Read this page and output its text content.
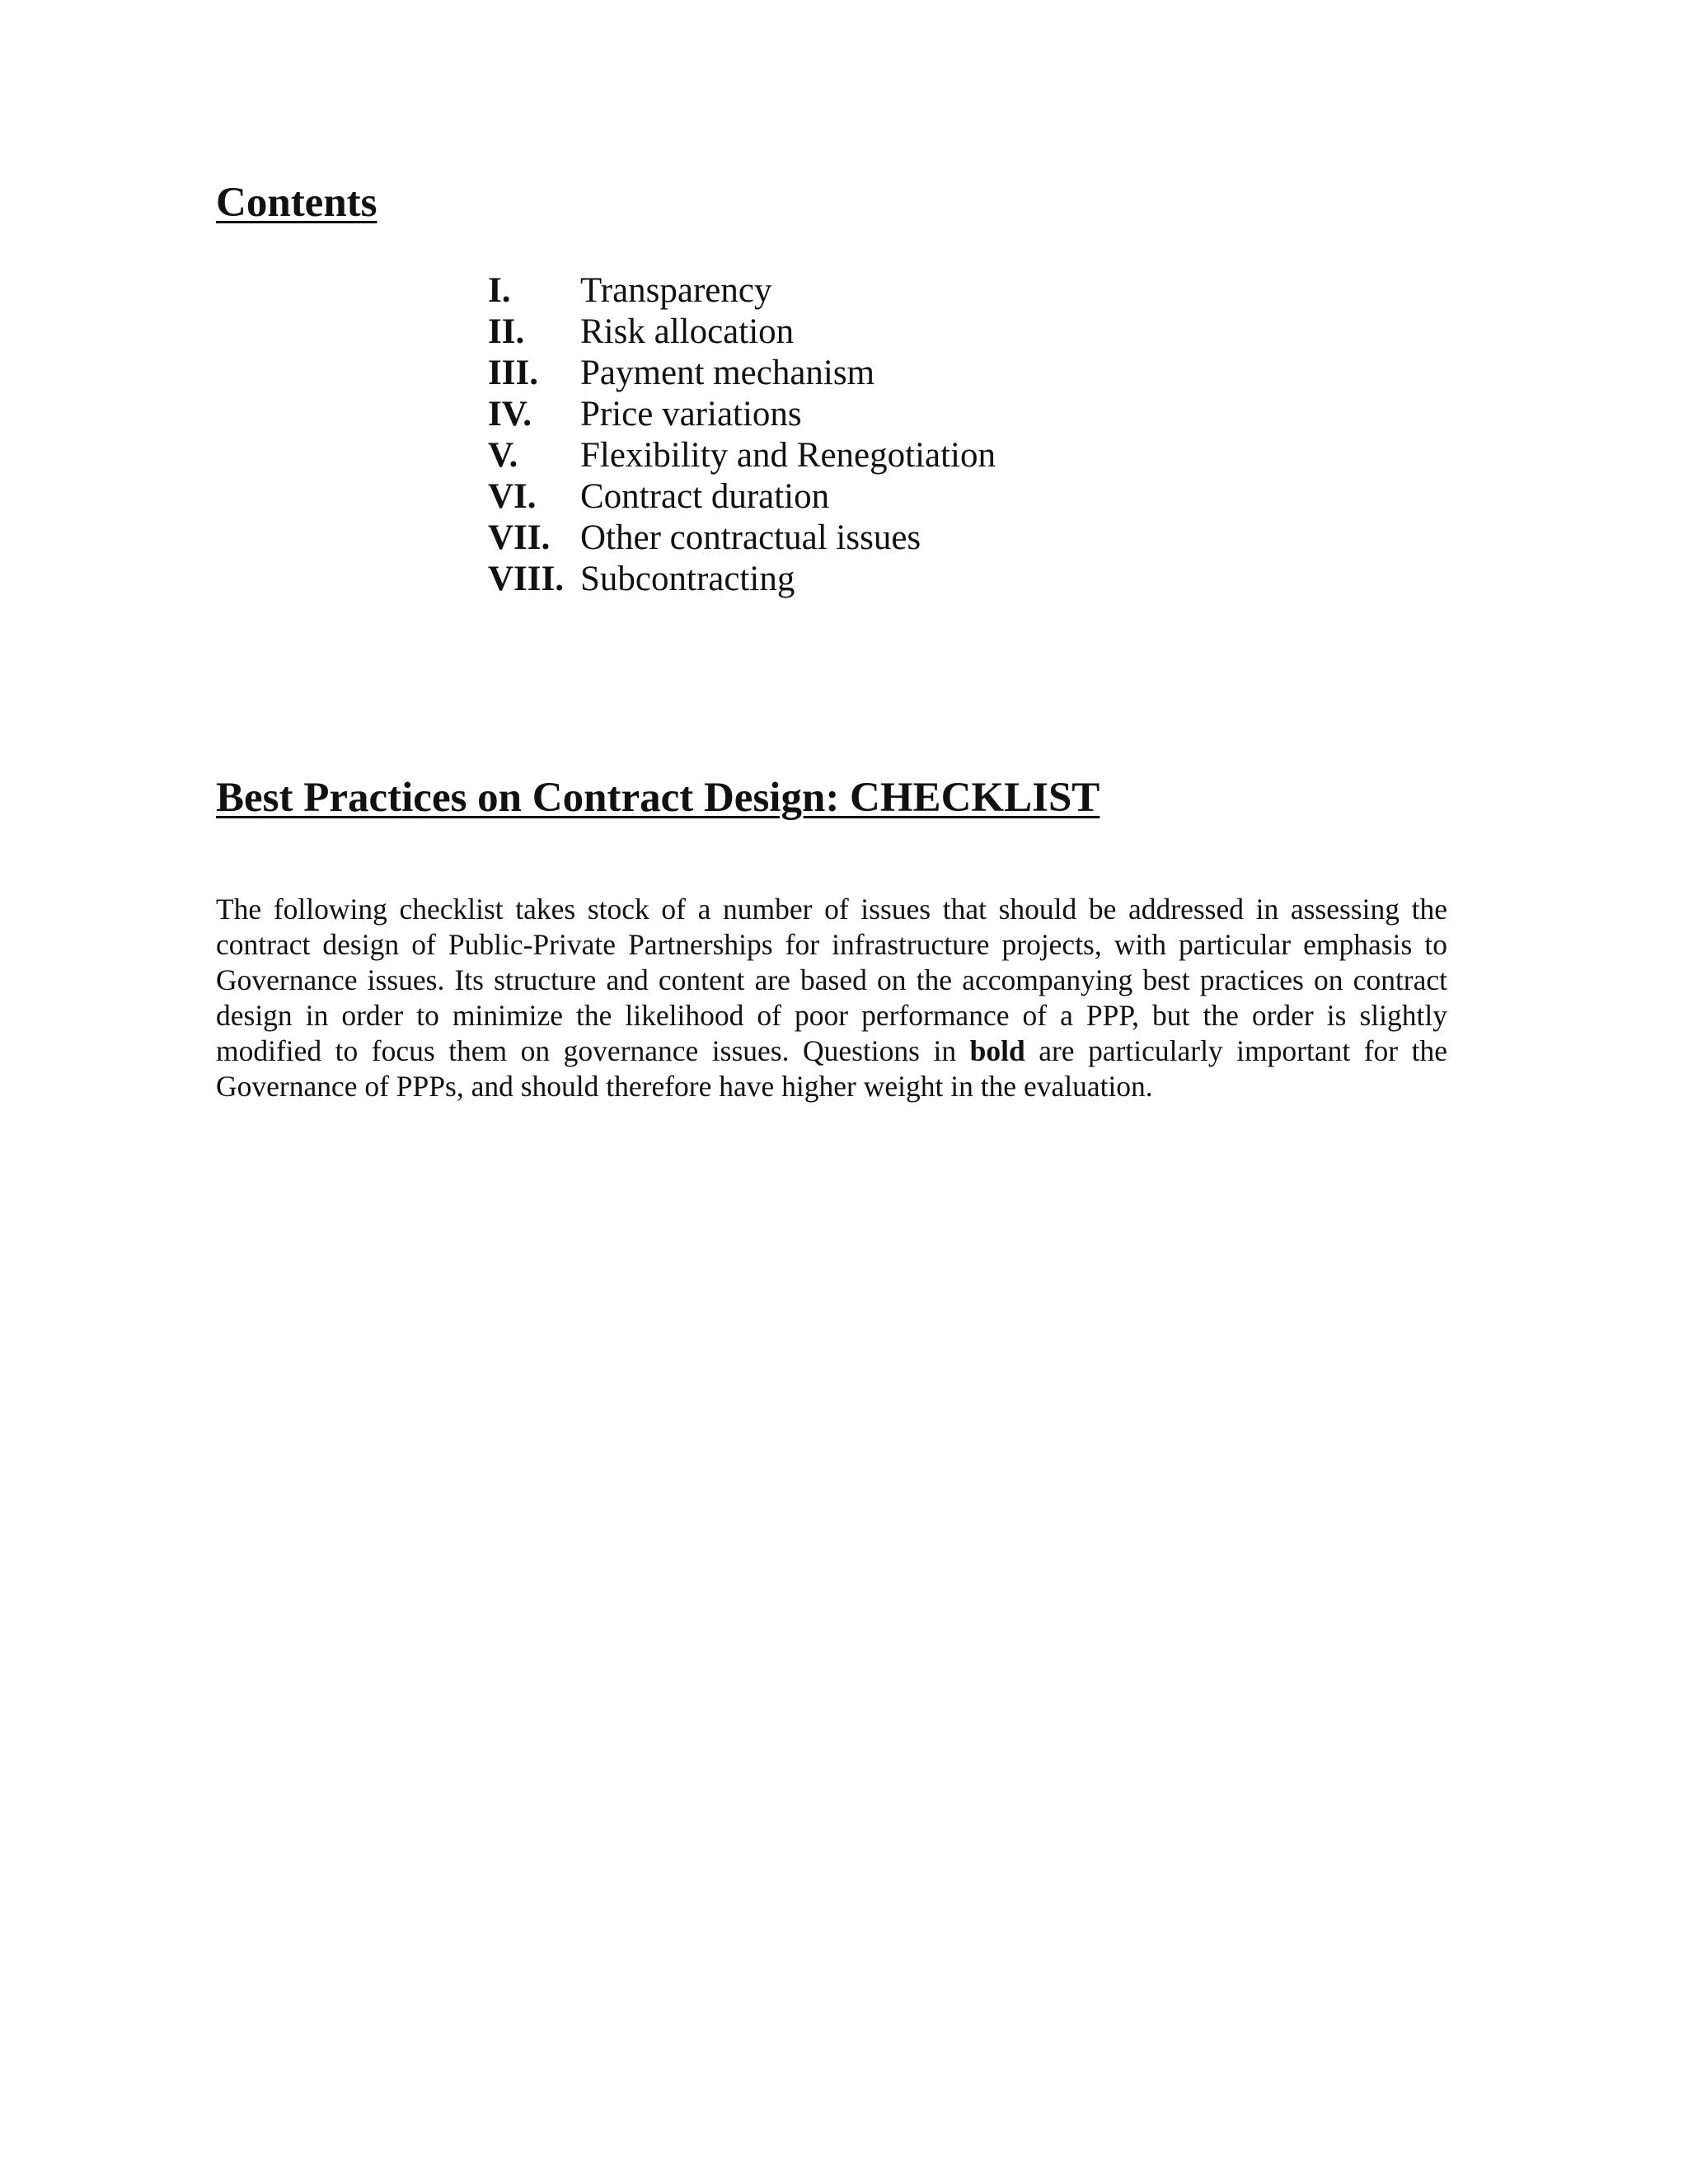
Contents
I.	Transparency
II.	Risk allocation
III.	Payment mechanism
IV.	Price variations
V.	Flexibility and Renegotiation
VI.	Contract duration
VII. Other contractual issues
VIII. Subcontracting
Best Practices on Contract Design: CHECKLIST

The following checklist takes stock of a number of issues that should be addressed in assessing the contract design of Public-Private Partnerships for infrastructure projects, with particular emphasis to Governance issues. Its structure and content are based on the accompanying best practices on contract design in order to minimize the likelihood of poor performance of a PPP, but the order is slightly modified to focus them on governance issues. Questions in bold are particularly important for the Governance of PPPs, and should therefore have higher weight in the evaluation.
